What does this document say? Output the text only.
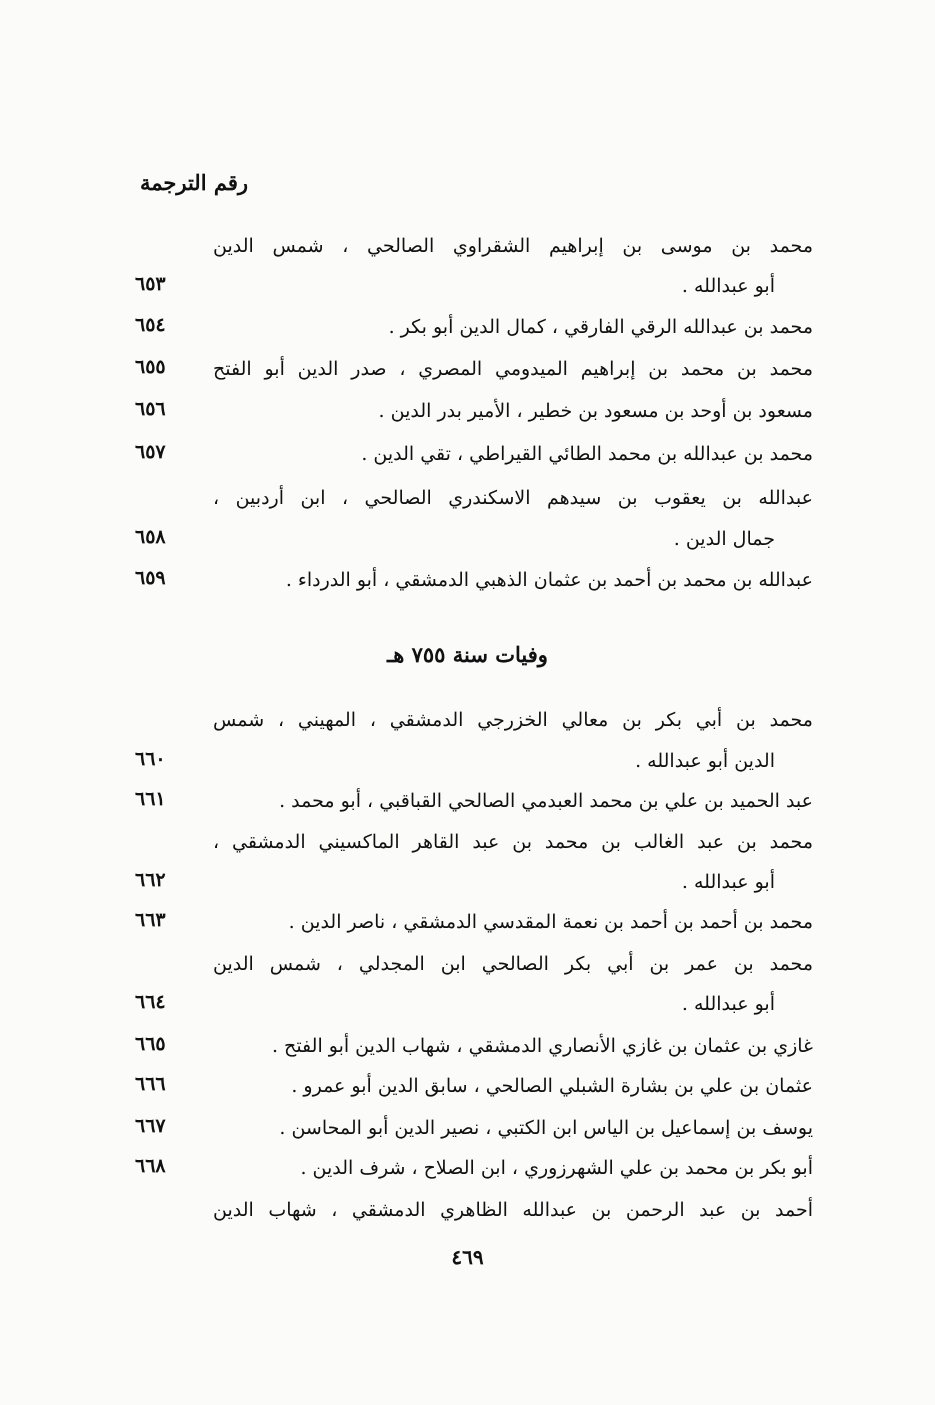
رقم الترجمة
محمد بن موسى بن إبراهيم الشقراوي الصالحي ، شمس الدين
أبو عبدالله .
٦٥٣
محمد بن عبدالله الرقي الفارقي ، كمال الدين أبو بكر .
٦٥٤
محمد بن محمد بن إبراهيم الميدومي المصري ، صدر الدين أبو الفتح
٦٥٥
مسعود بن أوحد بن مسعود بن خطير ، الأمير بدر الدين .
٦٥٦
محمد بن عبدالله بن محمد الطائي القيراطي ، تقي الدين .
٦٥٧
عبدالله بن يعقوب بن سيدهم الاسكندري الصالحي ، ابن أردبين ،
جمال الدين .
٦٥٨
عبدالله بن محمد بن أحمد بن عثمان الذهبي الدمشقي ، أبو الدرداء .
٦٥٩
وفيات سنة ٧٥٥ هـ
محمد بن أبي بكر بن معالي الخزرجي الدمشقي ، المهيني ، شمس
الدين أبو عبدالله .
٦٦٠
عبد الحميد بن علي بن محمد العبدمي الصالحي القباقبي ، أبو محمد .
٦٦١
محمد بن عبد الغالب بن محمد بن عبد القاهر الماكسيني الدمشقي ،
أبو عبدالله .
٦٦٢
محمد بن أحمد بن أحمد بن نعمة المقدسي الدمشقي ، ناصر الدين .
٦٦٣
محمد بن عمر بن أبي بكر الصالحي ابن المجدلي ، شمس الدين
أبو عبدالله .
٦٦٤
غازي بن عثمان بن غازي الأنصاري الدمشقي ، شهاب الدين أبو الفتح .
٦٦٥
عثمان بن علي بن بشارة الشبلي الصالحي ، سابق الدين أبو عمرو .
٦٦٦
يوسف بن إسماعيل بن الياس ابن الكتبي ، نصير الدين أبو المحاسن .
٦٦٧
أبو بكر بن محمد بن علي الشهرزوري ، ابن الصلاح ، شرف الدين .
٦٦٨
أحمد بن عبد الرحمن بن عبدالله الظاهري الدمشقي ، شهاب الدين
٤٦٩
